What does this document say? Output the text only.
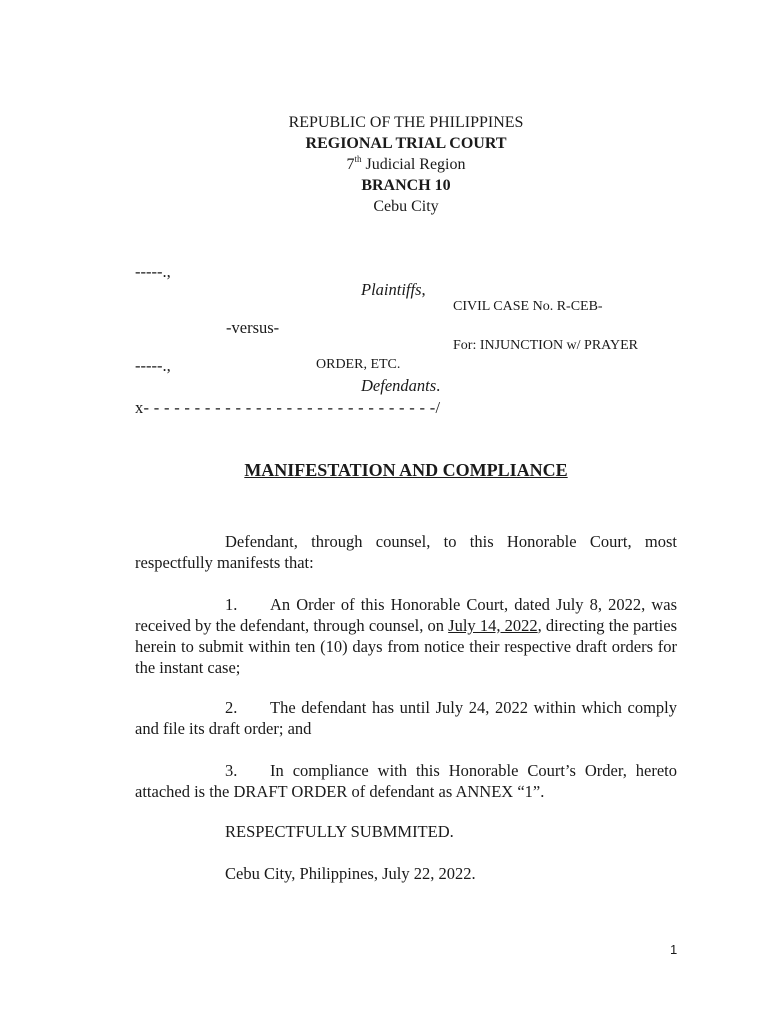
REPUBLIC OF THE PHILIPPINES
REGIONAL TRIAL COURT
7th Judicial Region
BRANCH 10
Cebu City
-----.,
Plaintiffs,
CIVIL CASE No. R-CEB-
-versus-
For: INJUNCTION w/ PRAYER
-----.,	ORDER, ETC.
Defendants.
x- - - - - - - - - - - - - - - - - - - - - - - - - - - - -/
MANIFESTATION AND COMPLIANCE
Defendant, through counsel, to this Honorable Court, most respectfully manifests that:
1. An Order of this Honorable Court, dated July 8, 2022, was received by the defendant, through counsel, on July 14, 2022, directing the parties herein to submit within ten (10) days from notice their respective draft orders for the instant case;
2. The defendant has until July 24, 2022 within which comply and file its draft order; and
3. In compliance with this Honorable Court’s Order, hereto attached is the DRAFT ORDER of defendant as ANNEX “1”.
RESPECTFULLY SUBMMITED.
Cebu City, Philippines, July 22, 2022.
1
